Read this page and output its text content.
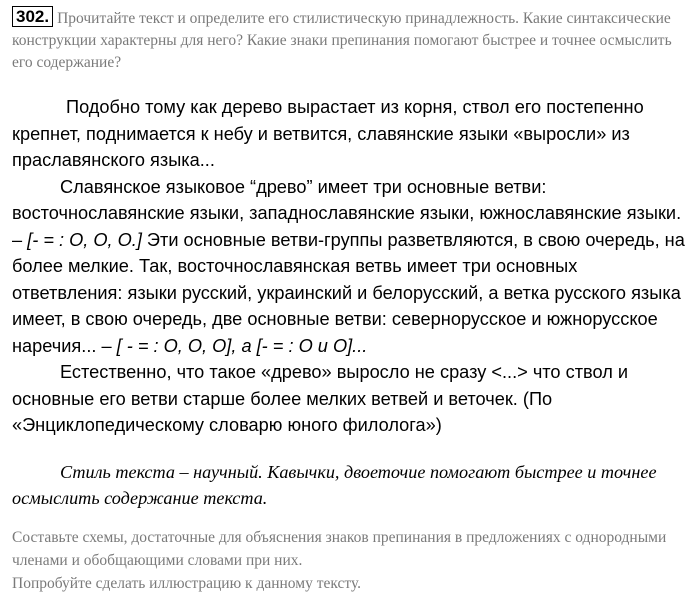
302. Прочитайте текст и определите его стилистическую принадлежность. Какие синтаксические конструкции характерны для него? Какие знаки препинания помогают быстрее и точнее осмыслить его содержание?

Подобно тому как дерево вырастает из корня, ствол его постепенно крепнет, поднимается к небу и ветвится, славянские языки «выросли» из праславянского языка...

Славянское языковое “древо” имеет три основные ветви: восточнославянские языки, западнославянские языки, южнославянские языки. – [- = : О, О, О.] Эти основные ветви-группы разветвляются, в свою очередь, на более мелкие. Так, восточнославянская ветвь имеет три основных ответвления: языки русский, украинский и белорусский, а ветка русского языка имеет, в свою очередь, две основные ветви: севернорусское и южнорусское наречия... – [ - = : О, О, О], а [- = : О и О]...

Естественно, что такое «древо» выросло не сразу <...> что ствол и основные его ветви старше более мелких ветвей и веточек. (По «Энциклопедическому словарю юного филолога»)

Стиль текста – научный. Кавычки, двоеточие помогают быстрее и точнее осмыслить содержание текста.

Составьте схемы, достаточные для объяснения знаков препинания в предложениях с однородными членами и обобщающими словами при них.

Попробуйте сделать иллюстрацию к данному тексту.
